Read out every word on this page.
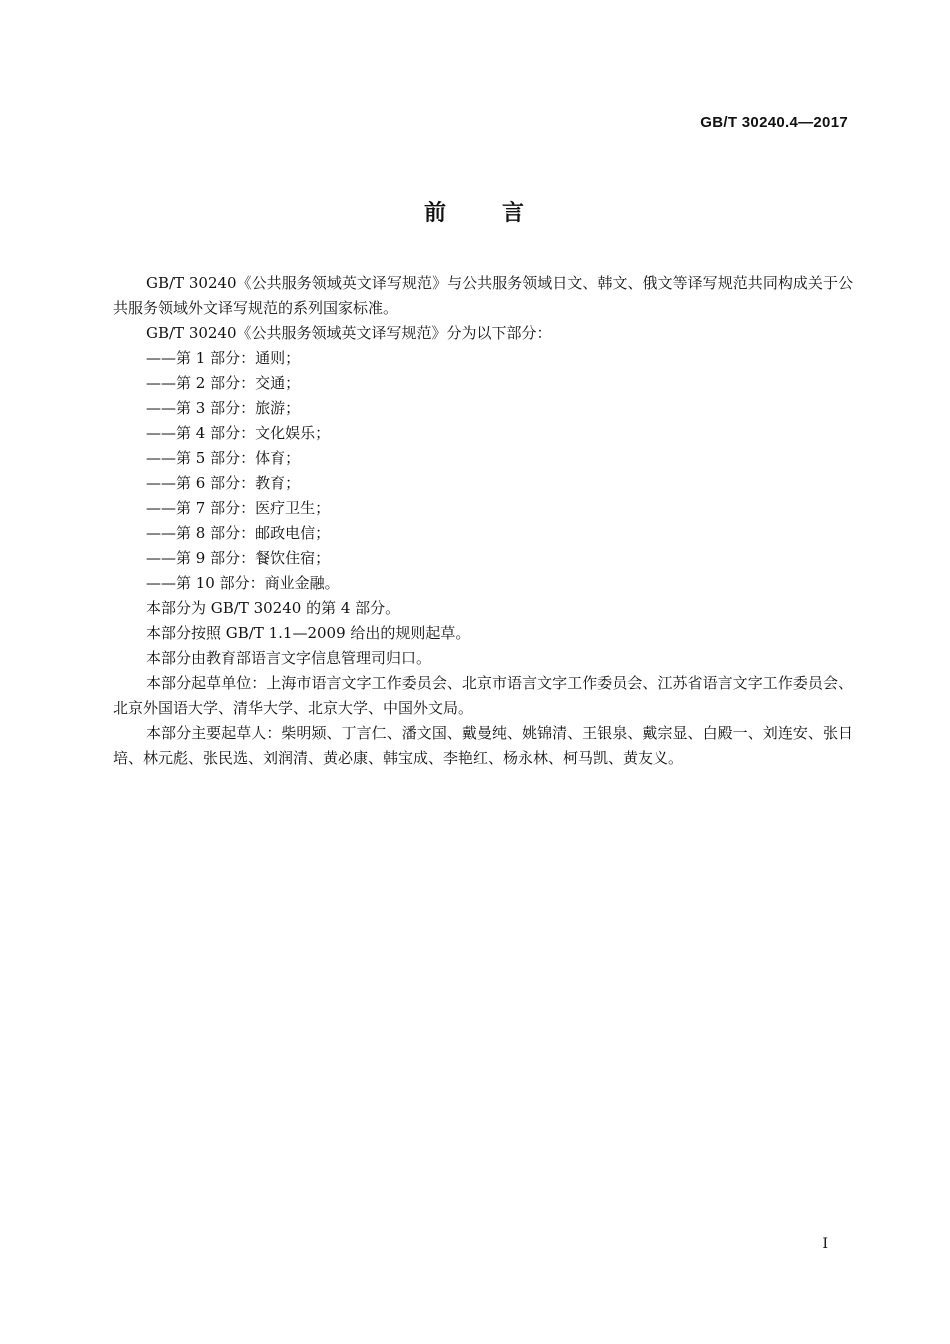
GB/T 30240.4—2017
前 言

GB/T 30240《公共服务领域英文译写规范》与公共服务领域日文、韩文、俄文等译写规范共同构成关于公共服务领域外文译写规范的系列国家标准。

GB/T 30240《公共服务领域英文译写规范》分为以下部分：

——第 1 部分：通则；

——第 2 部分：交通；

——第 3 部分：旅游；

——第 4 部分：文化娱乐；

——第 5 部分：体育；

——第 6 部分：教育；

——第 7 部分：医疗卫生；

——第 8 部分：邮政电信；

——第 9 部分：餐饮住宿；

——第 10 部分：商业金融。

本部分为 GB/T 30240 的第 4 部分。

本部分按照 GB/T 1.1—2009 给出的规则起草。

本部分由教育部语言文字信息管理司归口。

本部分起草单位：上海市语言文字工作委员会、北京市语言文字工作委员会、江苏省语言文字工作委员会、北京外国语大学、清华大学、北京大学、中国外文局。

本部分主要起草人：柴明颎、丁言仁、潘文国、戴曼纯、姚锦清、王银泉、戴宗显、白殿一、刘连安、张日培、林元彪、张民选、刘润清、黄必康、韩宝成、李艳红、杨永林、柯马凯、黄友义。

I
